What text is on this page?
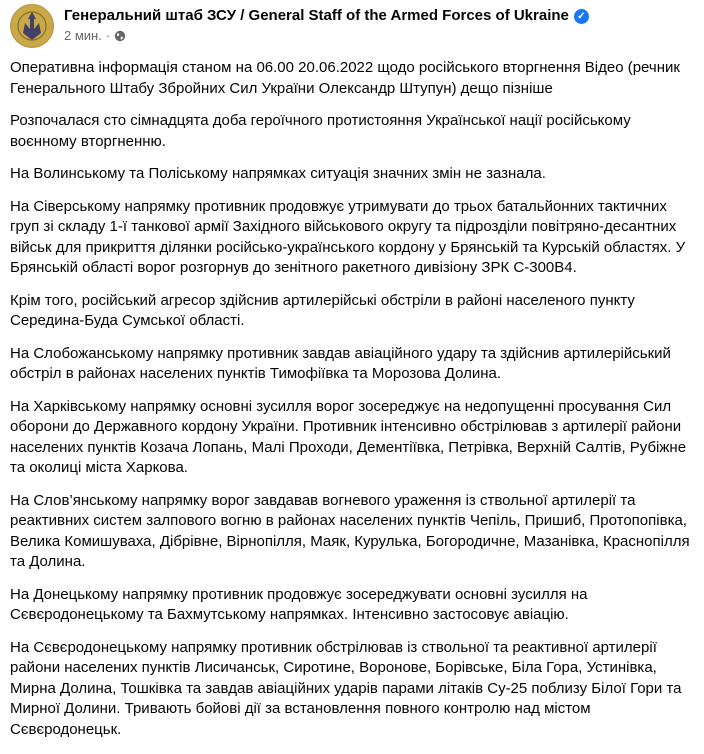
Генеральний штаб ЗСУ / General Staff of the Armed Forces of Ukraine ✓
2 мин. ·

Оперативна інформація станом на 06.00 20.06.2022 щодо російського вторгнення Відео (речник Генерального Штабу Збройних Сил України Олександр Штупун) дещо пізніше

Розпочалася сто сімнадцята доба героїчного протистояння Української нації російському воєнному вторгненню.

На Волинському та Поліському напрямках ситуація значних змін не зазнала.

На Сіверському напрямку противник продовжує утримувати до трьох батальйонних тактичних груп зі складу 1-ї танкової армії Західного військового округу та підрозділи повітряно-десантних військ для прикриття ділянки російсько-українського кордону у Брянській та Курській областях. У Брянській області ворог розгорнув до зенітного ракетного дивізіону ЗРК С-300В4.

Крім того, російський агресор здійснив артилерійські обстріли в районі населеного пункту Середина-Буда Сумської області.

На Слобожанському напрямку противник завдав авіаційного удару та здійснив артилерійський обстріл в районах населених пунктів Тимофіївка та Морозова Долина.

На Харківському напрямку основні зусилля ворог зосереджує на недопущенні просування Сил оборони до Державного кордону України. Противник інтенсивно обстрілював з артилерії райони населених пунктів Козача Лопань, Малі Проходи, Дементіївка, Петрівка, Верхній Салтів, Рубіжне та околиці міста Харкова.

На Слов’янському напрямку ворог завдавав вогневого ураження із ствольної артилерії та реактивних систем залпового вогню в районах населених пунктів Чепіль, Пришиб, Протопопівка, Велика Комишуваха, Дібрівне, Вірнопілля, Маяк, Курулька, Богородичне, Мазанівка, Краснопілля та Долина.

На Донецькому напрямку противник продовжує зосереджувати основні зусилля на Сєвєродонецькому та Бахмутському напрямках. Інтенсивно застосовує авіацію.

На Сєвєродонецькому напрямку противник обстрілював із ствольної та реактивної артилерії райони населених пунктів Лисичанськ, Сиротине, Воронове, Борівське, Біла Гора, Устинівка, Мирна Долина, Тошківка та завдав авіаційних ударів парами літаків Су-25 поблизу Білої Гори та Мирної Долини. Тривають бойові дії за встановлення повного контролю над містом Сєвєродонецьк.
